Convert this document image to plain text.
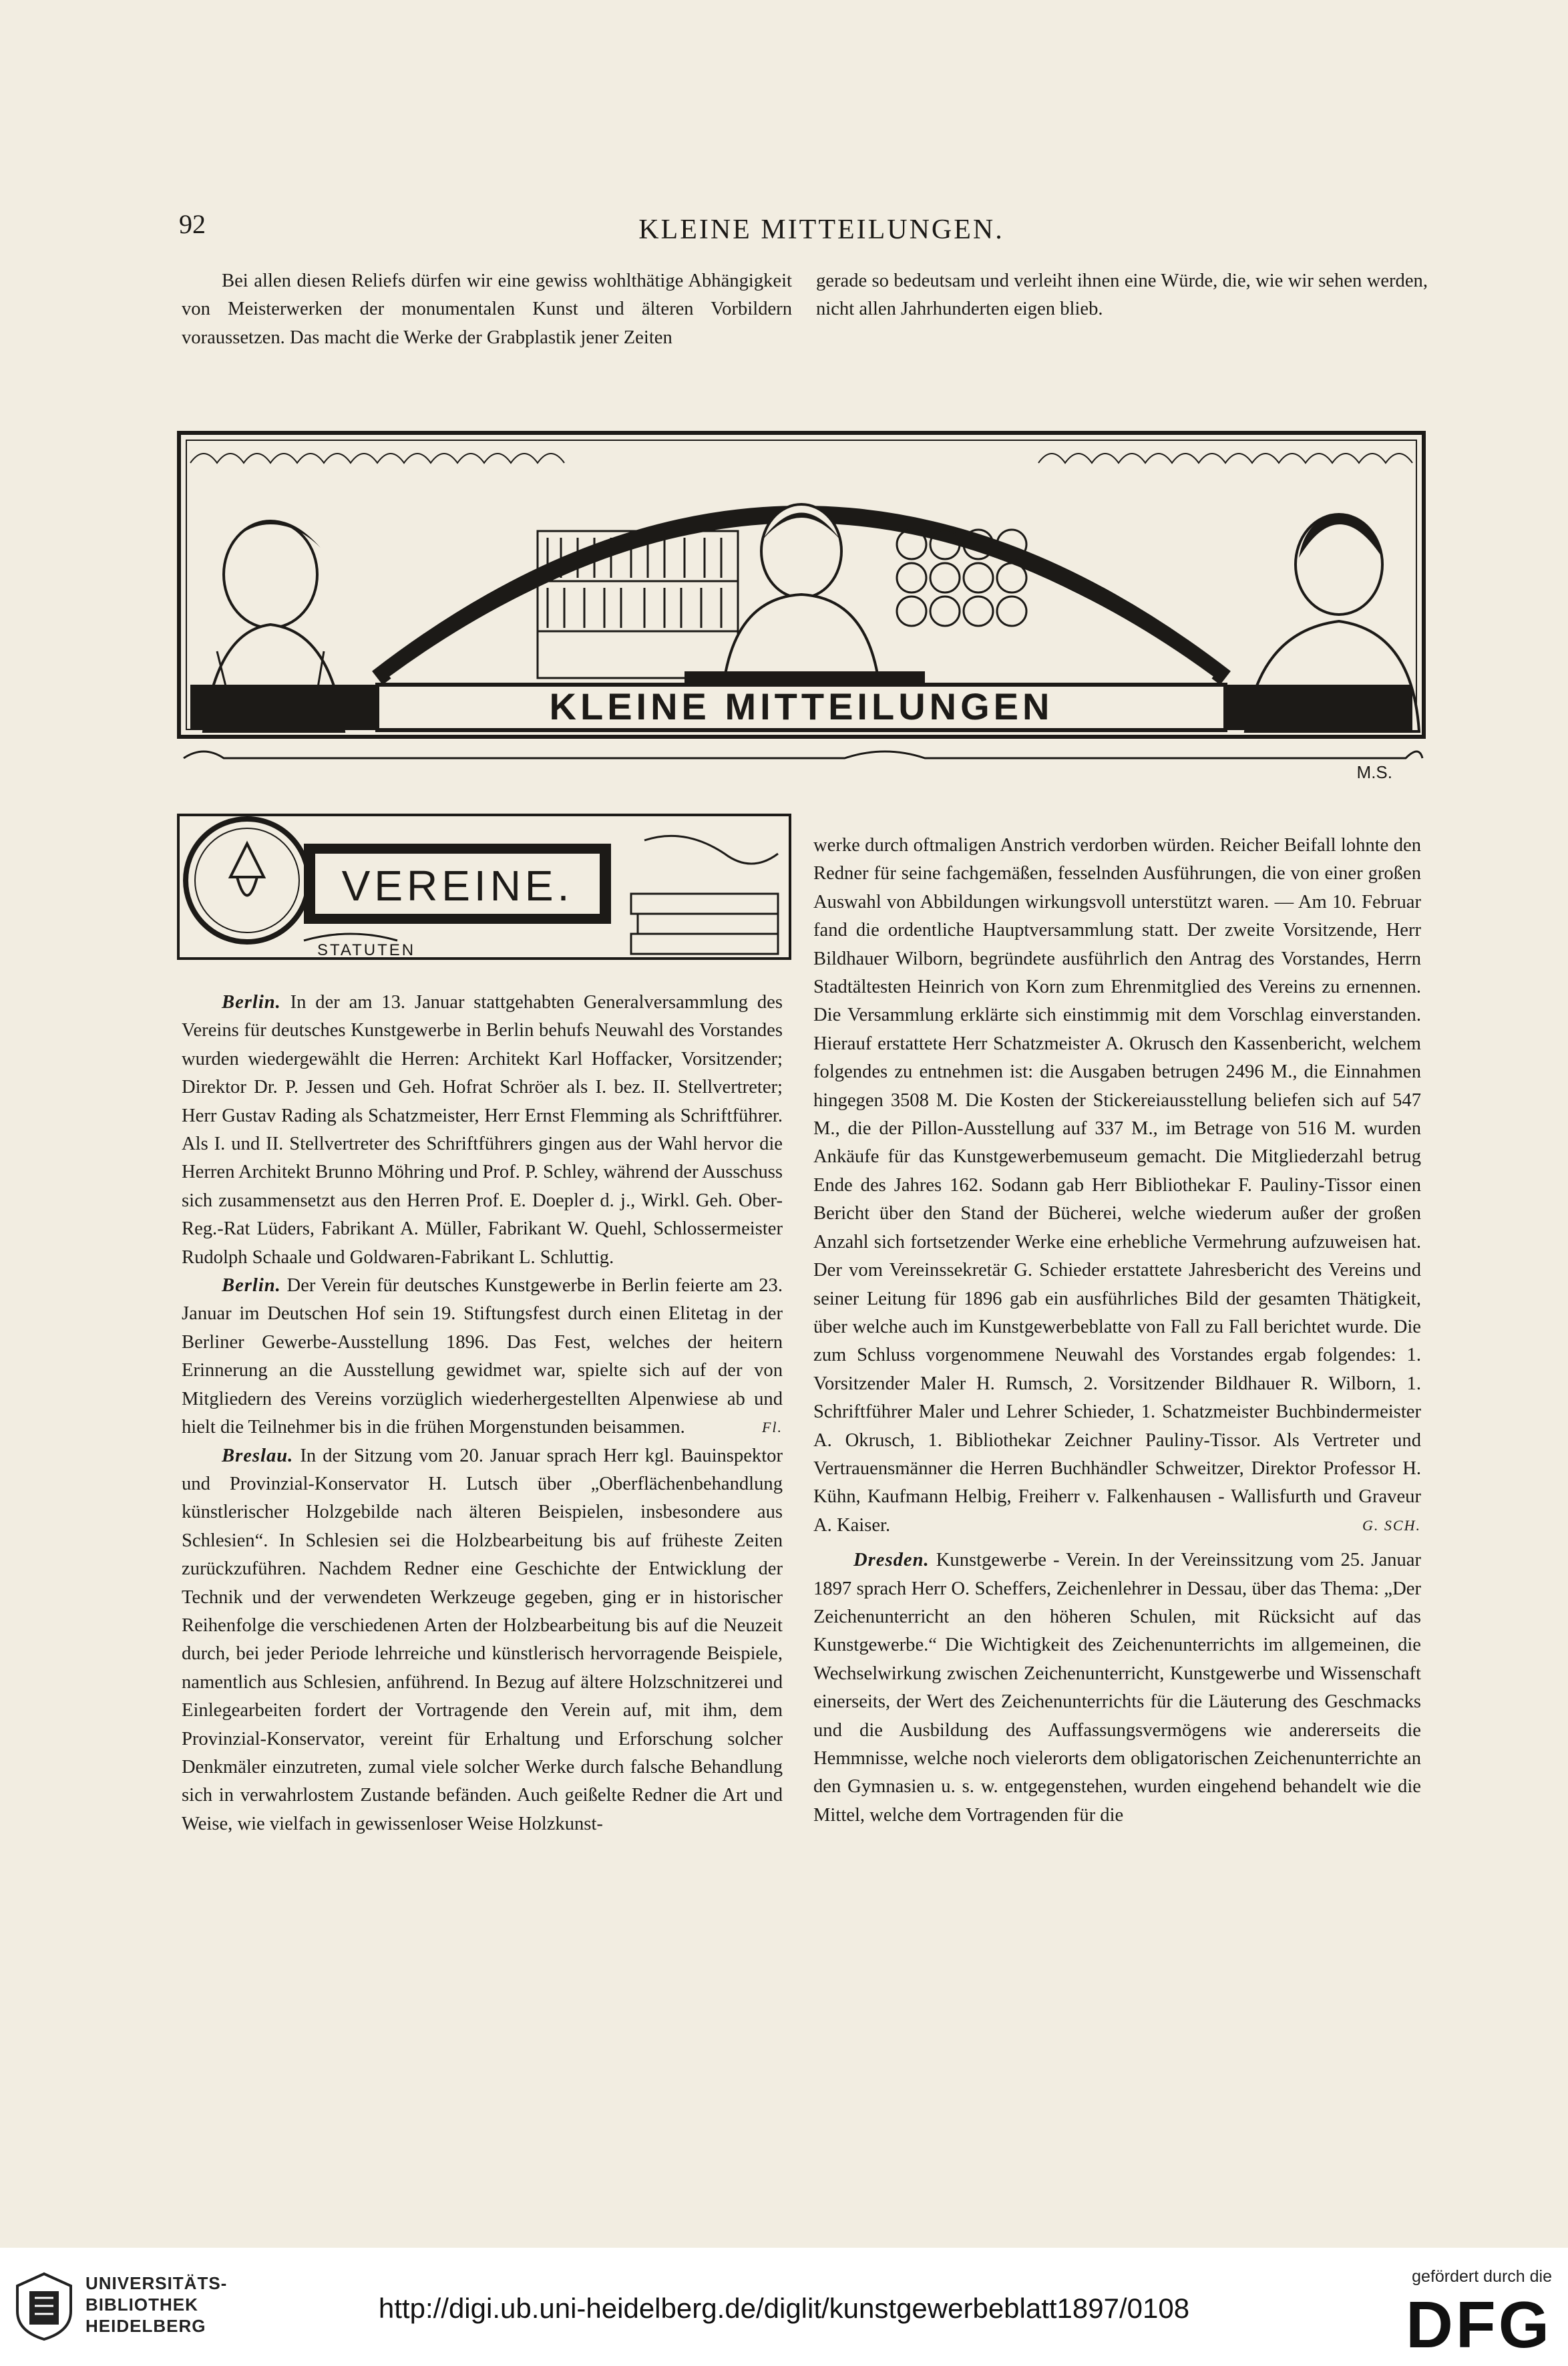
92	KLEINE MITTEILUNGEN.

Bei allen diesen Reliefs dürfen wir eine gewiss wohlthätige Abhängigkeit von Meisterwerken der monumentalen Kunst und älteren Vorbildern voraussetzen. Das macht die Werke der Grabplastik jener Zeiten

gerade so bedeutsam und verleiht ihnen eine Würde, die, wie wir sehen werden, nicht allen Jahrhunderten eigen blieb.

KLEINE MITTEILUNGEN
M.S.
VEREINE.
STATUTEN

Berlin. In der am 13. Januar stattgehabten Generalversammlung des Vereins für deutsches Kunstgewerbe in Berlin behufs Neuwahl des Vorstandes wurden wiedergewählt die Herren: Architekt Karl Hoffacker, Vorsitzender; Direktor Dr. P. Jessen und Geh. Hofrat Schröer als I. bez. II. Stellvertreter; Herr Gustav Rading als Schatzmeister, Herr Ernst Flemming als Schriftführer. Als I. und II. Stellvertreter des Schriftführers gingen aus der Wahl hervor die Herren Architekt Brunno Möhring und Prof. P. Schley, während der Ausschuss sich zusammensetzt aus den Herren Prof. E. Doepler d. j., Wirkl. Geh. Ober-Reg.-Rat Lüders, Fabrikant A. Müller, Fabrikant W. Quehl, Schlossermeister Rudolph Schaale und Goldwaren-Fabrikant L. Schluttig.

Berlin. Der Verein für deutsches Kunstgewerbe in Berlin feierte am 23. Januar im Deutschen Hof sein 19. Stiftungsfest durch einen Elitetag in der Berliner Gewerbe-Ausstellung 1896. Das Fest, welches der heitern Erinnerung an die Ausstellung gewidmet war, spielte sich auf der von Mitgliedern des Vereins vorzüglich wiederhergestellten Alpenwiese ab und hielt die Teilnehmer bis in die frühen Morgenstunden beisammen.	Fl.

Breslau. In der Sitzung vom 20. Januar sprach Herr kgl. Bauinspektor und Provinzial-Konservator H. Lutsch über „Oberflächenbehandlung künstlerischer Holzgebilde nach älteren Beispielen, insbesondere aus Schlesien“. In Schlesien sei die Holzbearbeitung bis auf früheste Zeiten zurückzuführen. Nachdem Redner eine Geschichte der Entwicklung der Technik und der verwendeten Werkzeuge gegeben, ging er in historischer Reihenfolge die verschiedenen Arten der Holzbearbeitung bis auf die Neuzeit durch, bei jeder Periode lehrreiche und künstlerisch hervorragende Beispiele, namentlich aus Schlesien, anführend. In Bezug auf ältere Holzschnitzerei und Einlegearbeiten fordert der Vortragende den Verein auf, mit ihm, dem Provinzial-Konservator, vereint für Erhaltung und Erforschung solcher Denkmäler einzutreten, zumal viele solcher Werke durch falsche Behandlung sich in verwahrlostem Zustande befänden. Auch geißelte Redner die Art und Weise, wie vielfach in gewissenloser Weise Holzkunst-

werke durch oftmaligen Anstrich verdorben würden. Reicher Beifall lohnte den Redner für seine fachgemäßen, fesselnden Ausführungen, die von einer großen Auswahl von Abbildungen wirkungsvoll unterstützt waren. — Am 10. Februar fand die ordentliche Hauptversammlung statt. Der zweite Vorsitzende, Herr Bildhauer Wilborn, begründete ausführlich den Antrag des Vorstandes, Herrn Stadtältesten Heinrich von Korn zum Ehrenmitglied des Vereins zu ernennen. Die Versammlung erklärte sich einstimmig mit dem Vorschlag einverstanden. Hierauf erstattete Herr Schatzmeister A. Okrusch den Kassenbericht, welchem folgendes zu entnehmen ist: die Ausgaben betrugen 2496 M., die Einnahmen hingegen 3508 M. Die Kosten der Stickereiausstellung beliefen sich auf 547 M., die der Pillon-Ausstellung auf 337 M., im Betrage von 516 M. wurden Ankäufe für das Kunstgewerbemuseum gemacht. Die Mitgliederzahl betrug Ende des Jahres 162. Sodann gab Herr Bibliothekar F. Pauliny-Tissor einen Bericht über den Stand der Bücherei, welche wiederum außer der großen Anzahl sich fortsetzender Werke eine erhebliche Vermehrung aufzuweisen hat. Der vom Vereinssekretär G. Schieder erstattete Jahresbericht des Vereins und seiner Leitung für 1896 gab ein ausführliches Bild der gesamten Thätigkeit, über welche auch im Kunstgewerbeblatte von Fall zu Fall berichtet wurde. Die zum Schluss vorgenommene Neuwahl des Vorstandes ergab folgendes: 1. Vorsitzender Maler H. Rumsch, 2. Vorsitzender Bildhauer R. Wilborn, 1. Schriftführer Maler und Lehrer Schieder, 1. Schatzmeister Buchbindermeister A. Okrusch, 1. Bibliothekar Zeichner Pauliny-Tissor. Als Vertreter und Vertrauensmänner die Herren Buchhändler Schweitzer, Direktor Professor H. Kühn, Kaufmann Helbig, Freiherr v. Falkenhausen - Wallisfurth und Graveur A. Kaiser.	G. SCH.

Dresden. Kunstgewerbe - Verein. In der Vereinssitzung vom 25. Januar 1897 sprach Herr O. Scheffers, Zeichenlehrer in Dessau, über das Thema: „Der Zeichenunterricht an den höheren Schulen, mit Rücksicht auf das Kunstgewerbe.“ Die Wichtigkeit des Zeichenunterrichts im allgemeinen, die Wechselwirkung zwischen Zeichenunterricht, Kunstgewerbe und Wissenschaft einerseits, der Wert des Zeichenunterrichts für die Läuterung des Geschmacks und die Ausbildung des Auffassungsvermögens wie andererseits die Hemmnisse, welche noch vielerorts dem obligatorischen Zeichenunterrichte an den Gymnasien u. s. w. entgegenstehen, wurden eingehend behandelt wie die Mittel, welche dem Vortragenden für die

UNIVERSITÄTS-
BIBLIOTHEK
HEIDELBERG
http://digi.ub.uni-heidelberg.de/diglit/kunstgewerbeblatt1897/0108
gefördert durch die
DFG
